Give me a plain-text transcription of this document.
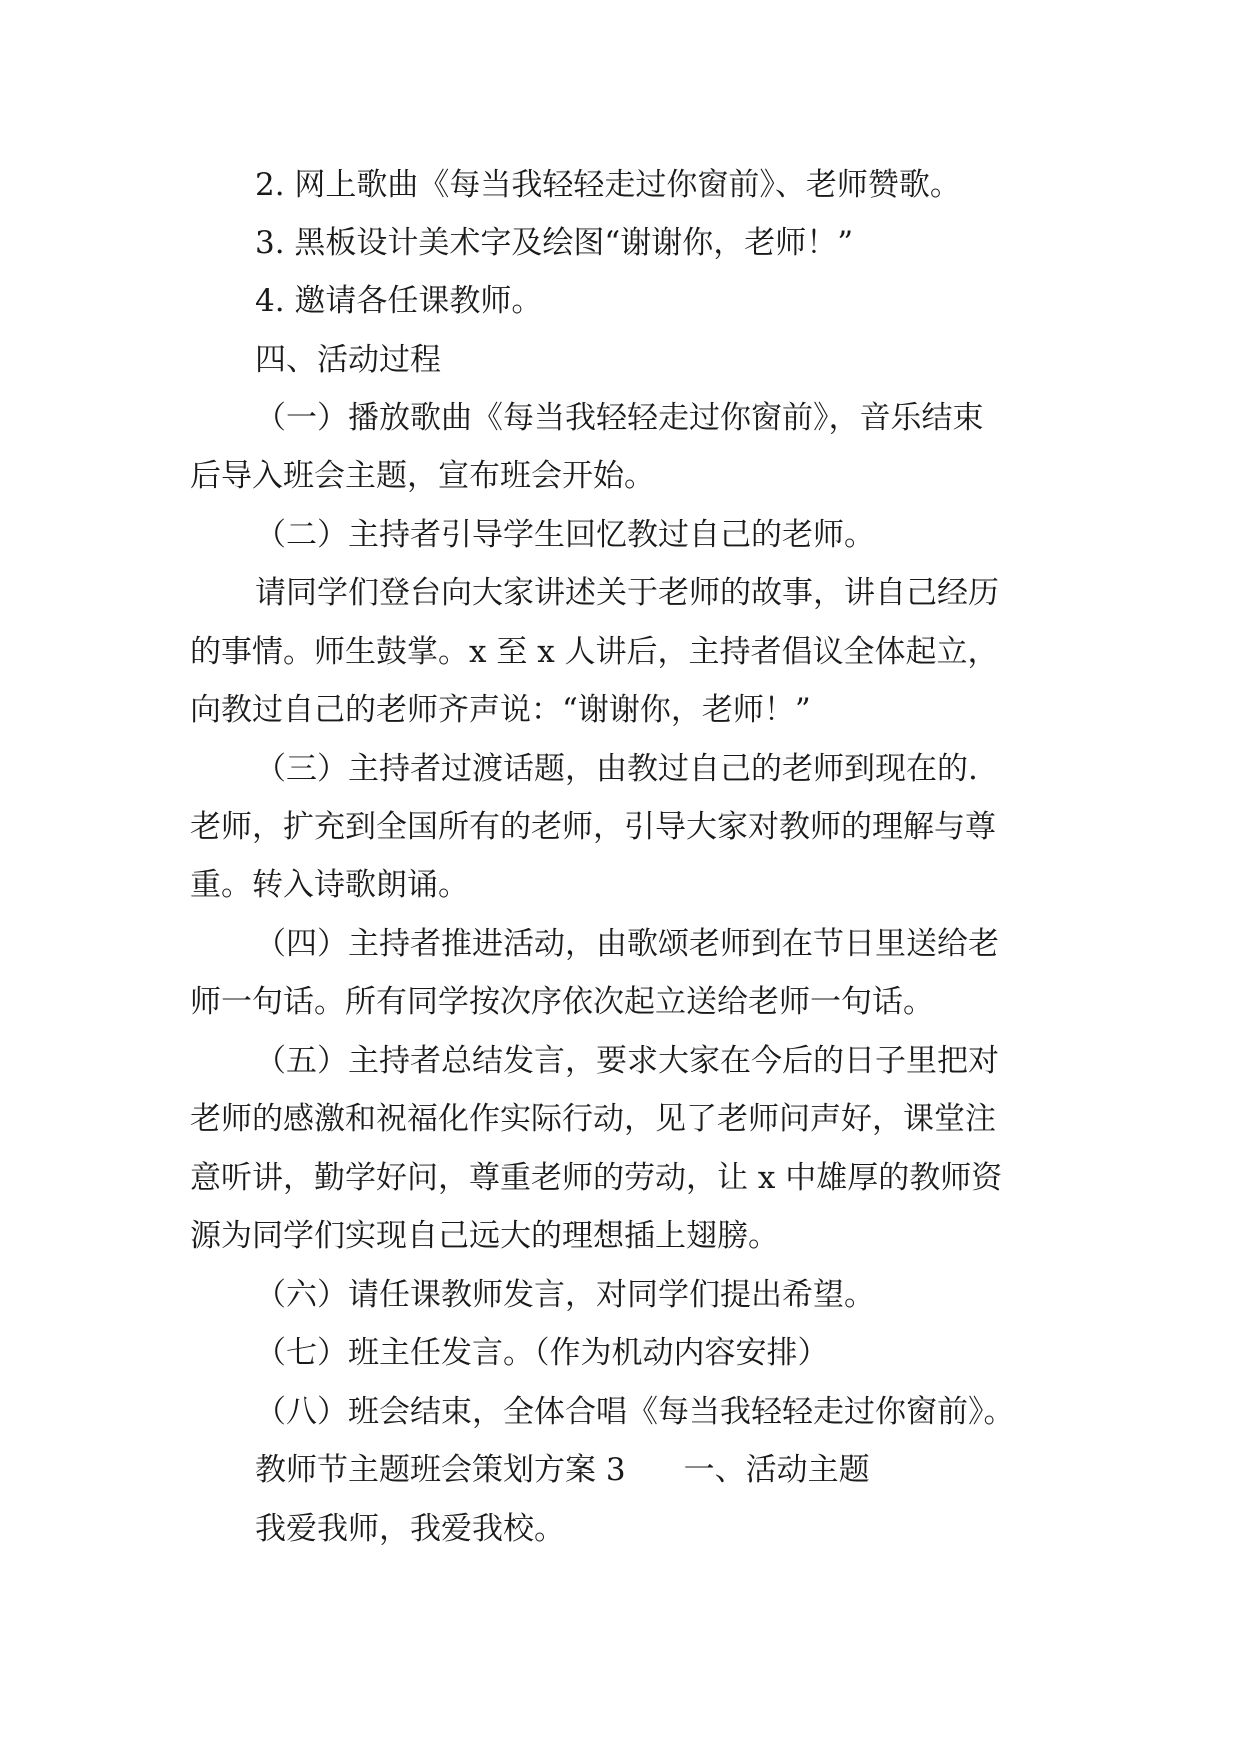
2. 网上歌曲《每当我轻轻走过你窗前》、老师赞歌。
3. 黑板设计美术字及绘图“谢谢你，老师！”
4. 邀请各任课教师。
四、活动过程
（一）播放歌曲《每当我轻轻走过你窗前》，音乐结束
后导入班会主题，宣布班会开始。
（二）主持者引导学生回忆教过自己的老师。
请同学们登台向大家讲述关于老师的故事，讲自己经历
的事情。师生鼓掌。x 至 x 人讲后，主持者倡议全体起立，
向教过自己的老师齐声说：“谢谢你，老师！”
（三）主持者过渡话题，由教过自己的老师到现在的.
老师，扩充到全国所有的老师，引导大家对教师的理解与尊
重。转入诗歌朗诵。
（四）主持者推进活动，由歌颂老师到在节日里送给老
师一句话。所有同学按次序依次起立送给老师一句话。
（五）主持者总结发言，要求大家在今后的日子里把对
老师的感激和祝福化作实际行动，见了老师问声好，课堂注
意听讲，勤学好问，尊重老师的劳动，让 x 中雄厚的教师资
源为同学们实现自己远大的理想插上翅膀。
（六）请任课教师发言，对同学们提出希望。
（七）班主任发言。（作为机动内容安排）
（八）班会结束，全体合唱《每当我轻轻走过你窗前》。
教师节主题班会策划方案 3 一、活动主题
我爱我师，我爱我校。
